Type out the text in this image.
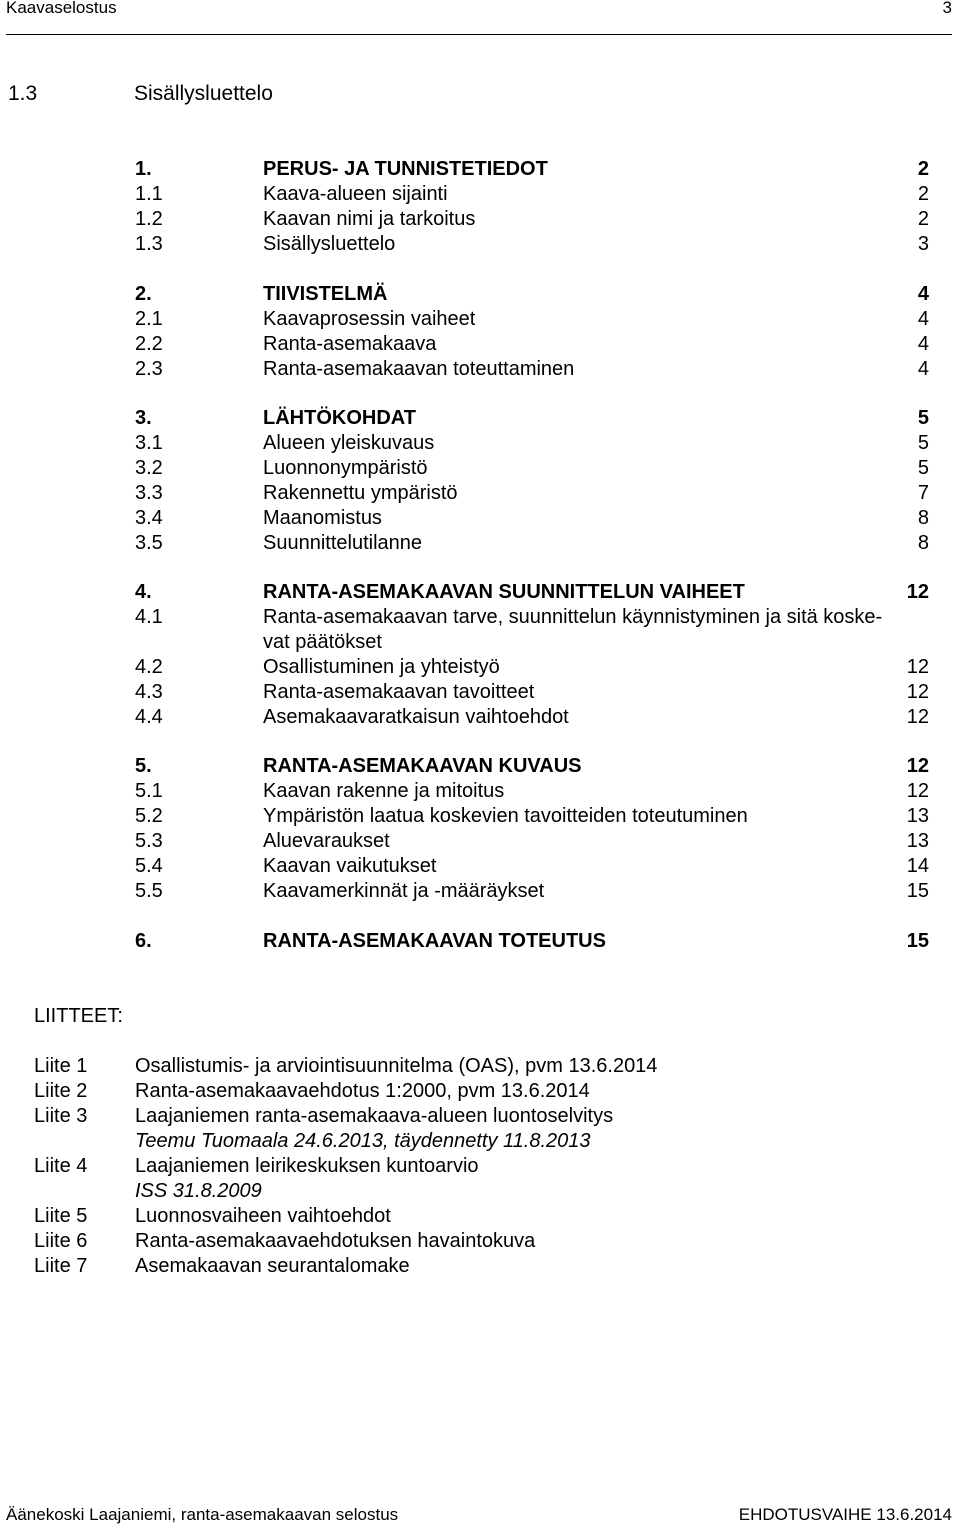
Kaavaselostus	3
1.3	Sisällysluettelo
1.	PERUS- JA TUNNISTETIEDOT	2
1.1	Kaava-alueen sijainti	2
1.2	Kaavan nimi ja tarkoitus	2
1.3	Sisällysluettelo	3
2.	TIIVISTELMÄ	4
2.1	Kaavaprosessin vaiheet	4
2.2	Ranta-asemakaava	4
2.3	Ranta-asemakaavan toteuttaminen	4
3.	LÄHTÖKOHDAT	5
3.1	Alueen yleiskuvaus	5
3.2	Luonnonympäristö	5
3.3	Rakennettu ympäristö	7
3.4	Maanomistus	8
3.5	Suunnittelutilanne	8
4.	RANTA-ASEMAKAAVAN SUUNNITTELUN VAIHEET	12
4.1	Ranta-asemakaavan tarve, suunnittelun käynnistyminen ja sitä koske-
vat päätökset
4.2	Osallistuminen ja yhteistyö	12
4.3	Ranta-asemakaavan tavoitteet	12
4.4	Asemakaavaratkaisun vaihtoehdot	12
5.	RANTA-ASEMAKAAVAN KUVAUS	12
5.1	Kaavan rakenne ja mitoitus	12
5.2	Ympäristön laatua koskevien tavoitteiden toteutuminen	13
5.3	Aluevaraukset	13
5.4	Kaavan vaikutukset	14
5.5	Kaavamerkinnät ja -määräykset	15
6.	RANTA-ASEMAKAAVAN TOTEUTUS	15
LIITTEET:
Liite 1 Osallistumis- ja arviointisuunnitelma (OAS), pvm 13.6.2014
Liite 2 Ranta-asemakaavaehdotus 1:2000, pvm 13.6.2014
Liite 3 Laajaniemen ranta-asemakaava-alueen luontoselvitys
Teemu Tuomaala 24.6.2013, täydennetty 11.8.2013
Liite 4 Laajaniemen leirikeskuksen kuntoarvio
ISS 31.8.2009
Liite 5 Luonnosvaiheen vaihtoehdot
Liite 6 Ranta-asemakaavaehdotuksen havaintokuva
Liite 7 Asemakaavan seurantalomake
Äänekoski Laajaniemi, ranta-asemakaavan selostus	EHDOTUSVAIHE 13.6.2014
